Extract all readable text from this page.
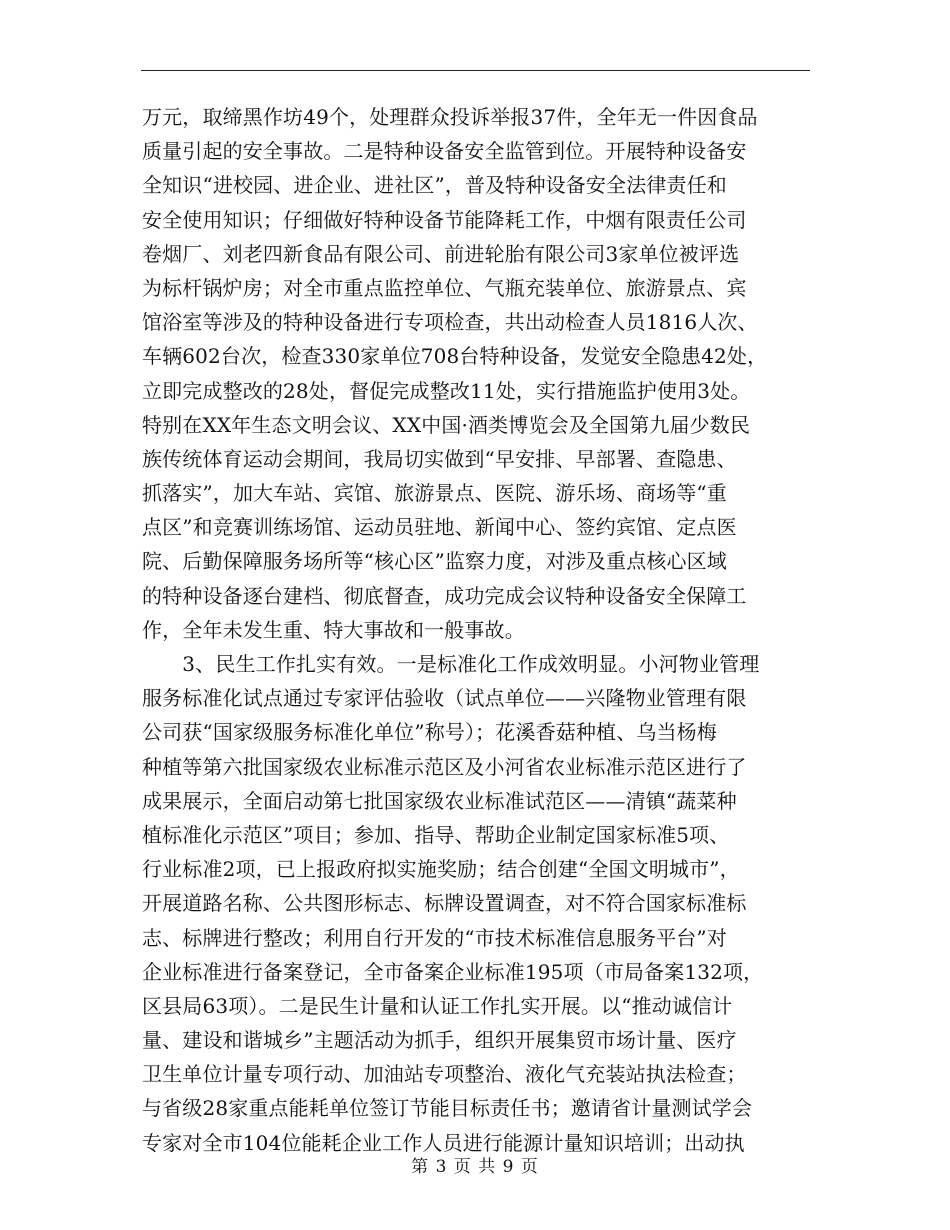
万元，取缔黑作坊49个，处理群众投诉举报37件，全年无一件因食品
质量引起的安全事故。二是特种设备安全监管到位。开展特种设备安
全知识“进校园、进企业、进社区”，普及特种设备安全法律责任和
安全使用知识；仔细做好特种设备节能降耗工作，中烟有限责任公司
卷烟厂、刘老四新食品有限公司、前进轮胎有限公司3家单位被评选
为标杆锅炉房；对全市重点监控单位、气瓶充装单位、旅游景点、宾
馆浴室等涉及的特种设备进行专项检查，共出动检查人员1816人次、
车辆602台次，检查330家单位708台特种设备，发觉安全隐患42处，
立即完成整改的28处，督促完成整改11处，实行措施监护使用3处。
特别在XX年生态文明会议、XX中国·酒类博览会及全国第九届少数民
族传统体育运动会期间，我局切实做到“早安排、早部署、查隐患、
抓落实”，加大车站、宾馆、旅游景点、医院、游乐场、商场等“重
点区”和竞赛训练场馆、运动员驻地、新闻中心、签约宾馆、定点医
院、后勤保障服务场所等“核心区”监察力度，对涉及重点核心区域
的特种设备逐台建档、彻底督查，成功完成会议特种设备安全保障工
作，全年未发生重、特大事故和一般事故。
　　3、民生工作扎实有效。一是标准化工作成效明显。小河物业管理
服务标准化试点通过专家评估验收（试点单位——兴隆物业管理有限
公司获“国家级服务标准化单位”称号）；花溪香菇种植、乌当杨梅
种植等第六批国家级农业标准示范区及小河省农业标准示范区进行了
成果展示，全面启动第七批国家级农业标准试范区——清镇“蔬菜种
植标准化示范区”项目；参加、指导、帮助企业制定国家标准5项、
行业标准2项，已上报政府拟实施奖励；结合创建“全国文明城市”，
开展道路名称、公共图形标志、标牌设置调查，对不符合国家标准标
志、标牌进行整改；利用自行开发的“市技术标准信息服务平台”对
企业标准进行备案登记，全市备案企业标准195项（市局备案132项，
区县局63项）。二是民生计量和认证工作扎实开展。以“推动诚信计
量、建设和谐城乡”主题活动为抓手，组织开展集贸市场计量、医疗
卫生单位计量专项行动、加油站专项整治、液化气充装站执法检查；
与省级28家重点能耗单位签订节能目标责任书；邀请省计量测试学会
专家对全市104位能耗企业工作人员进行能源计量知识培训；出动执
第 3 页 共 9 页
